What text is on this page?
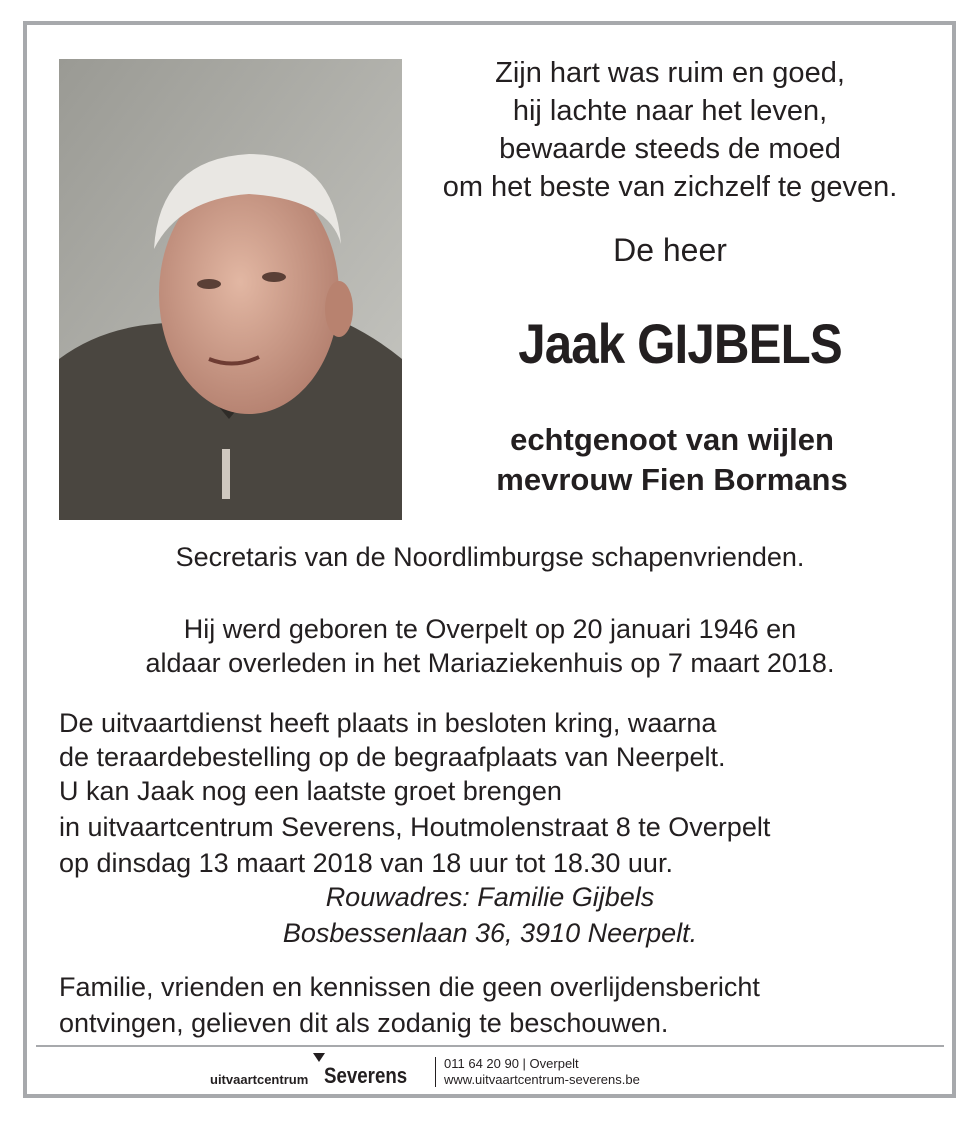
Zijn hart was ruim en goed,
hij lachte naar het leven,
bewaarde steeds de moed
om het beste van zichzelf te geven.
De heer
Jaak GIJBELS
echtgenoot van wijlen
mevrouw Fien Bormans
Secretaris van de Noordlimburgse schapenvrienden.
Hij werd geboren te Overpelt op 20 januari 1946 en
aldaar overleden in het Mariaziekenhuis op 7 maart 2018.
De uitvaartdienst heeft plaats in besloten kring, waarna
de teraardebestelling op de begraafplaats van Neerpelt.
U kan Jaak nog een laatste groet brengen
in uitvaartcentrum Severens, Houtmolenstraat 8 te Overpelt
op dinsdag 13 maart 2018 van 18 uur tot 18.30 uur.
Rouwadres: Familie Gijbels
Bosbessenlaan 36, 3910 Neerpelt.
Familie, vrienden en kennissen die geen overlijdensbericht
ontvingen, gelieven dit als zodanig te beschouwen.
uitvaartcentrum Severens	011 64 20 90 | Overpelt
www.uitvaartcentrum-severens.be
